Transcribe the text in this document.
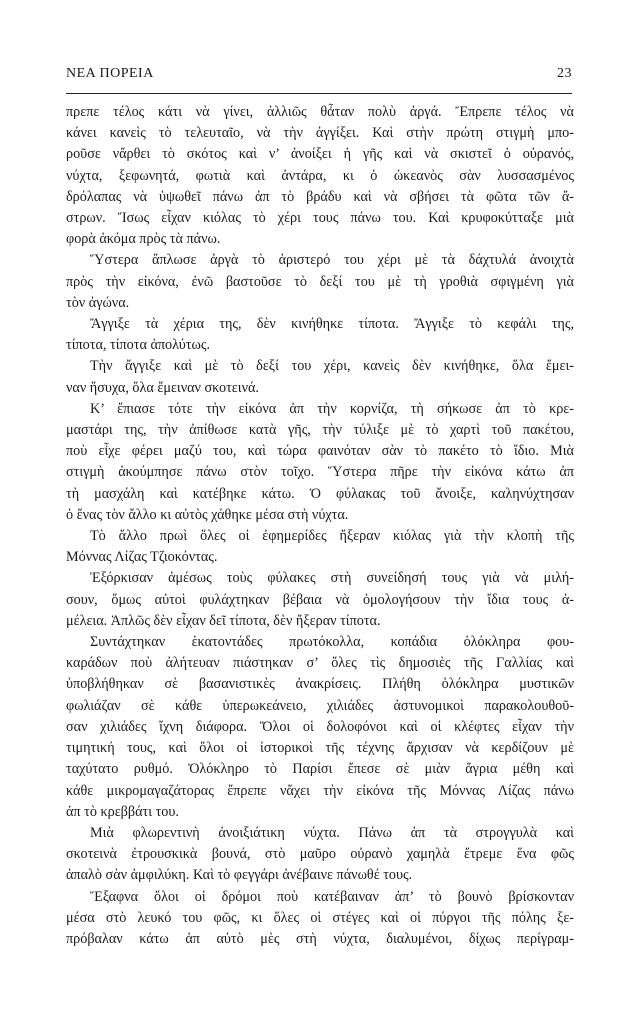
ΝΕΑ ΠΟΡΕΙΑ	23

πρεπε τέλος κάτι νὰ γίνει, ἀλλιῶς θἆταν πολὺ ἀργά. Ἔπρεπε τέλος νὰ

κάνει κανεὶς τὸ τελευταῖο, νὰ τὴν ἀγγίξει. Καὶ στὴν πρώτη στιγμὴ μπο-

ροῦσε νἄρθει τὸ σκότος καὶ ν’ ἀνοίξει ἡ γῆς καὶ νὰ σκιστεῖ ὁ οὐρανός,

νύχτα, ξεφωνητά, φωτιὰ καὶ ἀντάρα, κι ὁ ὠκεανὸς σὰν λυσσασμένος

δρόλαπας νὰ ὑψωθεῖ πάνω ἀπ τὸ βράδυ καὶ νὰ σβήσει τὰ φῶτα τῶν ἄ-

στρων. Ἴσως εἶχαν κιόλας τὸ χέρι τους πάνω του. Καὶ κρυφοκύτταξε μιὰ

φορὰ ἀκόμα πρὸς τὰ πάνω.

Ὕστερα ἅπλωσε ἀργὰ τὸ ἀριστερό του χέρι μὲ τὰ δάχτυλά ἀνοιχτὰ

πρὸς τὴν εἰκόνα, ἐνῶ βαστοῦσε τὸ δεξί του μὲ τὴ γροθιὰ σφιγμένη γιὰ

τὸν ἀγώνα.

Ἄγγιξε τὰ χέρια της, δὲν κινήθηκε τίποτα. Ἄγγιξε τὸ κεφάλι της,

τίποτα, τίποτα ἀπολύτως.

Τὴν ἄγγιξε καὶ μὲ τὸ δεξί του χέρι, κανεὶς δὲν κινήθηκε, ὅλα ἔμει-

ναν ἥσυχα, ὅλα ἔμειναν σκοτεινά.

Κ’ ἔπιασε τότε τὴν εἰκόνα ἀπ τὴν κορνίζα, τὴ σήκωσε ἀπ τὸ κρε-

μαστάρι της, τὴν ἀπίθωσε κατὰ γῆς, τὴν τύλιξε μὲ τὸ χαρτὶ τοῦ πακέτου,

ποὺ εἶχε φέρει μαζύ του, καὶ τώρα φαινόταν σὰν τὸ πακέτο τὸ ἴδιο. Μιὰ

στιγμὴ ἀκούμπησε πάνω στὸν τοῖχο. Ὕστερα πῆρε τὴν εἰκόνα κάτω ἀπ

τὴ μασχάλη καὶ κατέβηκε κάτω. Ὁ φύλακας τοῦ ἄνοιξε, καληνύχτησαν

ὁ ἕνας τὸν ἄλλο κι αὐτὸς χάθηκε μέσα στὴ νύχτα.

Τὸ ἄλλο πρωὶ ὅλες οἱ ἐφημερίδες ἤξεραν κιόλας γιὰ τὴν κλοπὴ τῆς

Μόννας Λίζας Τζιοκόντας.

Ἐξόρκισαν ἀμέσως τοὺς φύλακες στὴ συνείδησή τους γιὰ νὰ μιλή-

σουν, ὅμως αὐτοὶ φυλάχτηκαν βέβαια νὰ ὁμολογήσουν τὴν ἴδια τους ἀ-

μέλεια. Ἁπλῶς δὲν εἶχαν δεῖ τίποτα, δὲν ἤξεραν τίποτα.

Συντάχτηκαν ἑκατοντάδες πρωτόκολλα, κοπάδια ὁλόκληρα φου-

καράδων ποὺ ἀλήτευαν πιάστηκαν σ’ ὅλες τὶς δημοσιὲς τῆς Γαλλίας καὶ

ὑποβλήθηκαν σὲ βασανιστικὲς ἀνακρίσεις. Πλήθη ὁλόκληρα μυστικῶν

φωλιάζαν σὲ κάθε ὑπερωκεάνειο, χιλιάδες ἀστυνομικοὶ παρακολουθοῦ-

σαν χιλιάδες ἴχνη διάφορα. Ὅλοι οἱ δολοφόνοι καὶ οἱ κλέφτες εἶχαν τὴν

τιμητική τους, καὶ ὅλοι οἱ ἱστορικοὶ τῆς τέχνης ἄρχισαν νὰ κερδίζουν μὲ

ταχύτατο ρυθμό. Ὁλόκληρο τὸ Παρίσι ἔπεσε σὲ μιὰν ἄγρια μέθη καὶ

κάθε μικρομαγαζάτορας ἔπρεπε νἄχει τὴν εἰκόνα τῆς Μόννας Λίζας πάνω

ἀπ τὸ κρεββάτι του.

Μιὰ φλωρεντινὴ ἀνοιξιάτικη νύχτα. Πάνω ἀπ τὰ στρογγυλὰ καὶ

σκοτεινὰ ἐτρουσκικὰ βουνά, στὸ μαῦρο οὐρανὸ χαμηλὰ ἔτρεμε ἕνα φῶς

ἁπαλὸ σὰν ἀμφιλύκη. Καὶ τὸ φεγγάρι ἀνέβαινε πάνωθέ τους.

Ἔξαφνα ὅλοι οἱ δρόμοι ποὺ κατέβαιναν ἀπ’ τὸ βουνὸ βρίσκονταν

μέσα στὸ λευκό του φῶς, κι ὅλες οἱ στέγες καὶ οἱ πύργοι τῆς πόλης ξε-

πρόβαλαν κάτω ἀπ αὐτὸ μὲς στὴ νύχτα, διαλυμένοι, δίχως περίγραμ-
